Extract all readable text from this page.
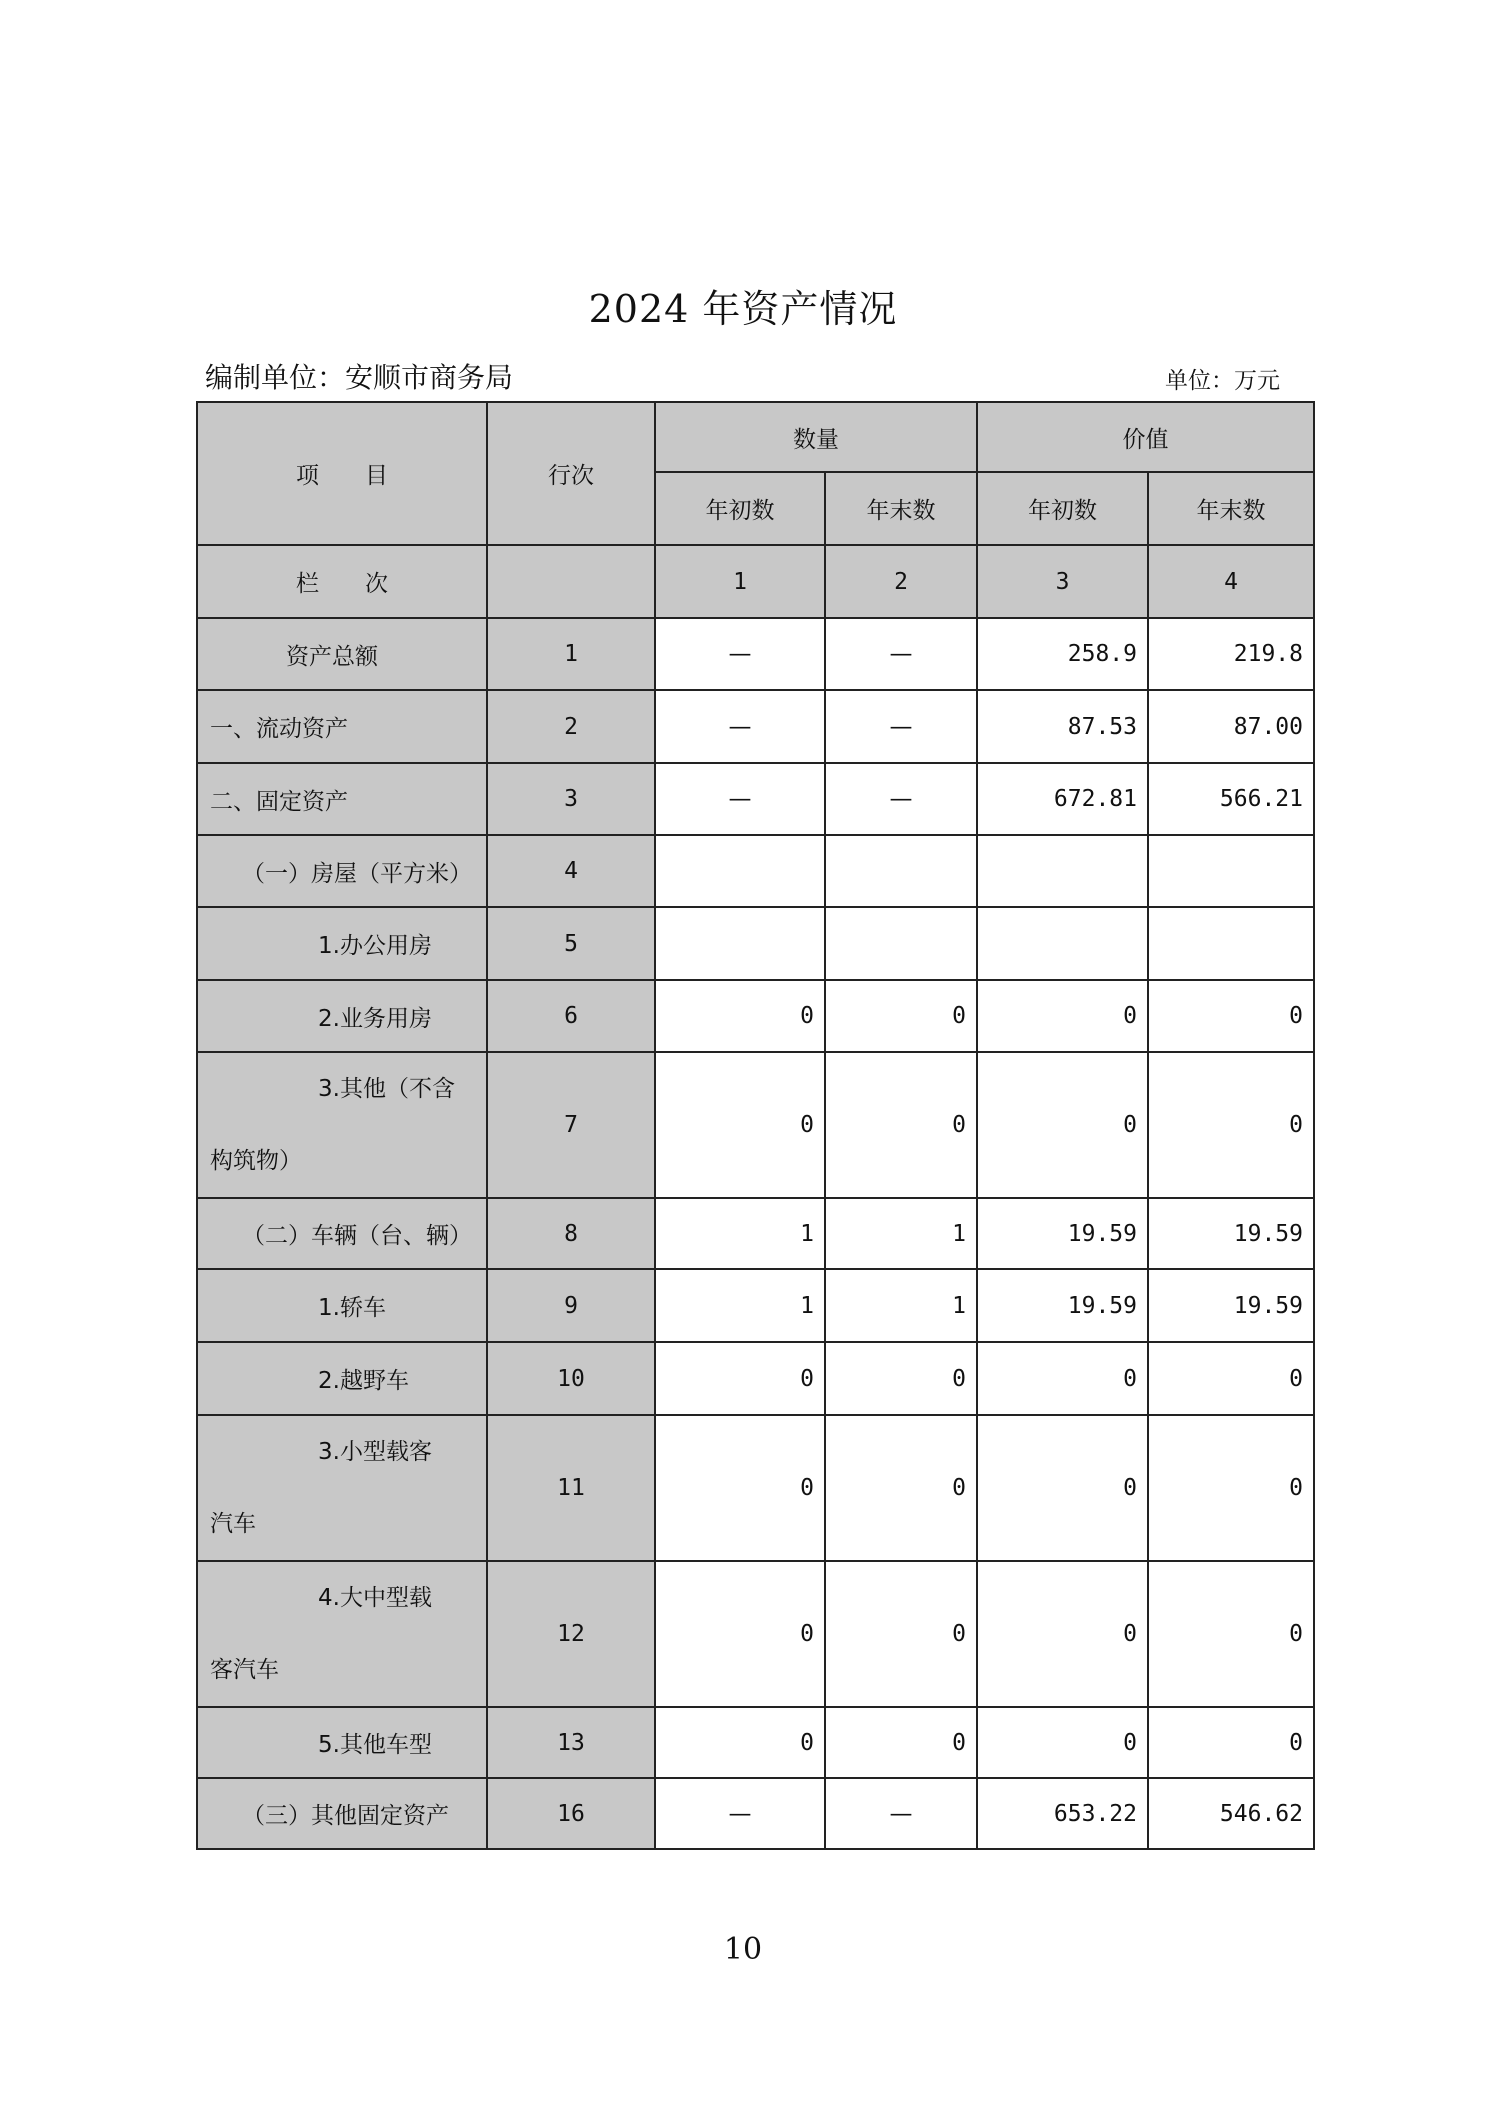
2024 年资产情况
编制单位：安顺市商务局	单位：万元
项　　目	行次	数量		价值	
		年初数	年末数	年初数	年末数
栏　　次		1	2	3	4
资产总额	1	—	—	258.9	219.8
一、流动资产	2	—	—	87.53	87.00
二、固定资产	3	—	—	672.81	566.21
（一）房屋（平方米）	4				
1.办公用房	5				
2.业务用房	6	0	0	0	0

3.其他（不含
构筑物）	7	0	0	0	0
（二）车辆（台、辆）	8	1	1	19.59	19.59
1.轿车	9	1	1	19.59	19.59
2.越野车	10	0	0	0	0

3.小型载客
汽车	11	0	0	0	0

4.大中型载
客汽车	12	0	0	0	0
5.其他车型	13	0	0	0	0
（三）其他固定资产	16	—	—	653.22	546.62
10
